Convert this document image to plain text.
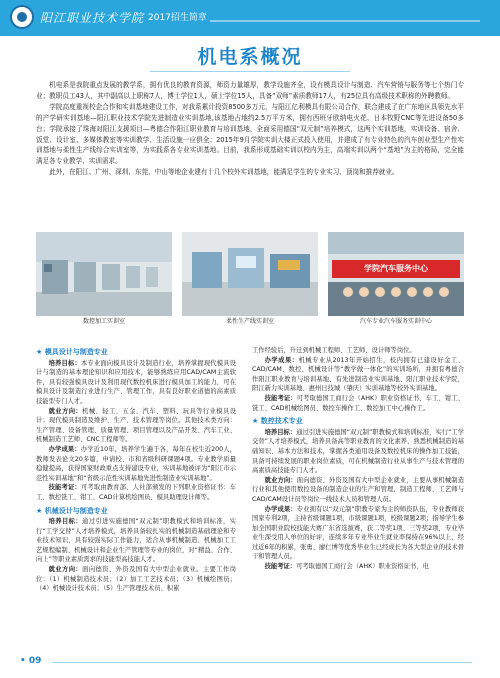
阳江职业技术学院 2017招生简章
机电系概况

机电系是我院重点发展的教学系，拥有优良的教育资源，师资力量雄厚，教学设施齐全，设有模具设计与制造、汽车营销与服务等七个热门专业；教职员工43人，其中副高以上职称7人，博士学位1人，硕士学位15人，具备“双师”素质教师17人，有25位具有高级技术职称的外聘教师。

学院高度重视校企合作和实训基地建设工作，对我系累计投资8500多万元，与阳江亿利模具有限公司合作，联合建成了在广东地区具领先水平的产学研实训基地—阳江职业技术学院先进制造业实训基地,该基地占地约2.5万平方米，拥有西班牙欧纳电火花、日本牧野CNC等先进设备50多台；学院承接了珠海对阳江支援项目—粤德合作阳江职业教育与培训基地，全面采用德国“双元制”培养模式，这两个实训基地，实训设备、宿舍、饭堂、设计室、多媒体教室等实训教学、生活设施一应俱全；2015年9月学院实训大楼正式投入使用，并建成了有专业特色的汽车创业型生产性实训基地与柔性生产线综合实训室等，为实践系各专业实训基地。目前，我系形成基础实训以校内为主，高端实训以两个“基地”为主的格局，完全能满足各专业教学、实训需求。

此外，在阳江、广州、深圳、东莞、中山等地企业建有十几个校外实训基地，能满足学生的专业实习、顶岗和推荐就业。

数控加工实训室	柔性生产线实训室
学院汽车服务中心
汽车专业汽车服务实训中心
★ 模具设计与制造专业

培养目标：本专业面向模具设计及制造行业，培养掌握现代模具设计与制造的基本理论知识和应用技术，能够熟练应用CAD/CAM主流软件，具有较强模具设计及利用现代数控机床进行模具加工的能力，可在模具设计及制造行业进行生产、管理工作，具有良好职业道德的高素质技能型专门人才。

就业方向：机械、轻工、五金、汽车、塑料、玩具等行业模具设计；现代模具制造及维护、生产、技术管理等岗位。其他技术类方向：生产管理、设备管理、质量管理、项目管理以及产品开发、汽车工业、机械制造工艺师、CNC工程师等。

办学成果：办学近10年，培养学生遍于各，每年在校生近200人，教师发表论文20多篇，申请校、市和省级科研课题4项。专业教学质量稳健提高，获得国家财政重点支持建设专业，实训基地被评为“阳江市示范性实训基地”和“省级示范性实训基地先进性制造业实训基地”。

技能考证：可考取由教育部、人社部颁发的下列职业资格证书：车工、数控铣工、钳工、CAD计算机绘图员、模具助理设计师等。

★ 机械设计与制造专业

培养目标：通过引进实施德国“双元制”职教模式和培训标准，实行“工学交替”人才培养模式，培养具备较扎实的机械制造基础理论和专业技术知识，具有较强实际工作能力，适合从事机械制造、机械加工工艺规程编制、机械设计和企业生产管理等专业的岗位，对“精益、合作、向上”等职业素质需求的技能型高技能人才。

就业方向：面向德资、外资及国有大中型企业就业。主要工作岗位：（1）机械制造技术员；（2）加工工艺技术员；（3）机械绘图员；（4）机械设计技术员；（5）生产管理技术员、积累

工作经验后，升迁到机械工程师、工艺师、设计师等岗位。

办学成果：机械专业从2013年开始招生，校内拥有已建设好金工、CAD/CAM、数控、机械设计等“教学做一体化”的实训场所，并拥有粤德合作阳江职业教育与培训基地、有先进制造业实训基地、阳江职业技术学院，阳江新力实训基地、惠州日技城（肇庆）实训基地等校外实训基地。

技能考证：可考取德国工商行会（AHK）职业资格证书、车工、钳工、铣工、CAD机械绘图员、数控车操作工、数控加工中心操作工。

★ 数控技术专业

培养目标：通过引进实施德国“双元制”职教模式和培训标准，实行“工学交替”人才培养模式，培养具备高等职业教育的文化素养，熟悉机械制造的基础知识、基本方法和技术，掌握各类通用设备及数控机床的操作加工技能，具备可持续发展的职业岗位素质，可在机械制造行业从事生产与技术管理的高素质高技能专门人才。

就业方向：面向德资、外资及国有大中型企业就业，主要从事机械制造行业和其他使用数控设备的制造企业的生产和管理，制造工程师、工艺师与CAD/CAM设计员等岗位一线技术人员和管理人员。

办学成果：专业拥有以“双元制”职教专家为主的师资队伍，专业教师获国家专利2项，主持省级课题1项，市级课题1项，校级课题2项；指导学生参加全国职业院校技能大赛广东省选拔赛，获二等奖1项、三等奖2项，专业毕业生深受用人单位的好评，连续多年专业毕业生就业率保持在96%以上，经过近6年的积累，张勇、廖仁博等优秀毕业生已经成长为各大型企业的技术骨干和管理人员。

技能考证：可考取德国工商行会（AHK）职业资格证书、电

• 09
